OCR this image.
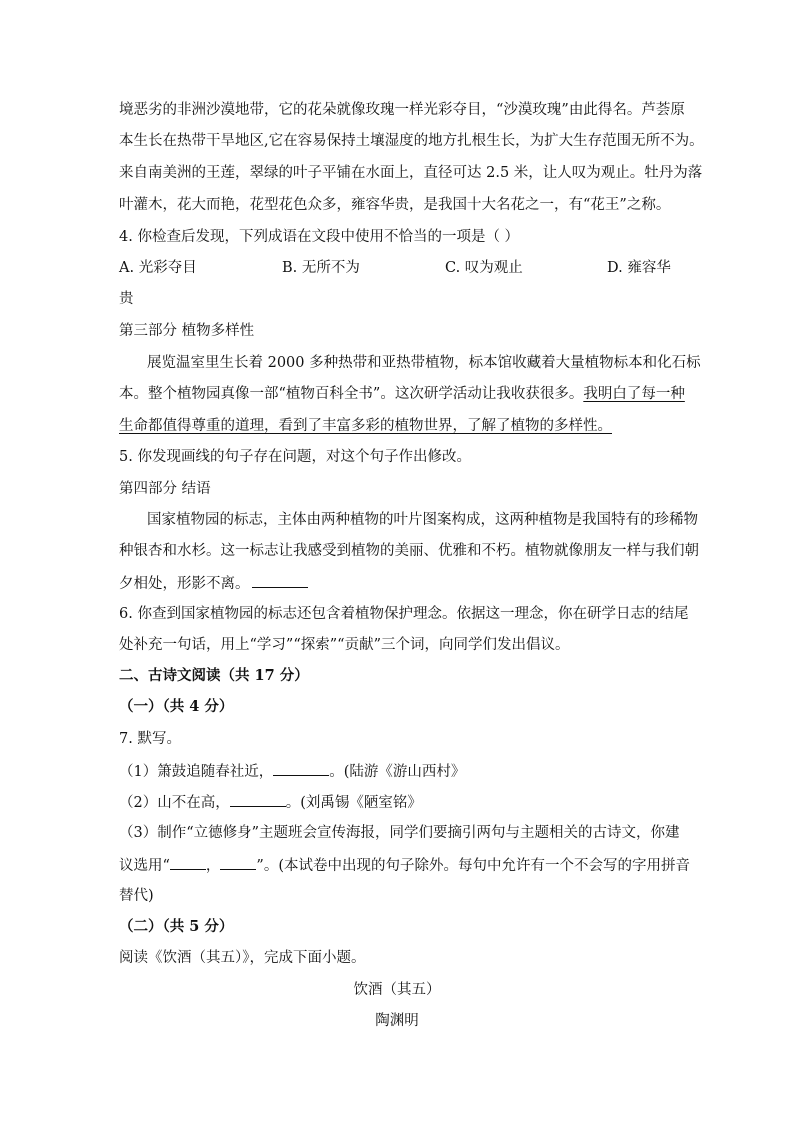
境恶劣的非洲沙漠地带，它的花朵就像玫瑰一样光彩夺目，“沙漠玫瑰”由此得名。芦荟原
本生长在热带干旱地区,它在容易保持土壤湿度的地方扎根生长，为扩大生存范围无所不为。
来自南美洲的王莲，翠绿的叶子平铺在水面上，直径可达 2.5 米，让人叹为观止。牡丹为落
叶灌木，花大而艳，花型花色众多，雍容华贵，是我国十大名花之一，有“花王”之称。
4. 你检查后发现，下列成语在文段中使用不恰当的一项是（ ）
A. 光彩夺目	B. 无所不为	C. 叹为观止	D. 雍容华
贵
第三部分 植物多样性
展览温室里生长着 2000 多种热带和亚热带植物，标本馆收藏着大量植物标本和化石标
本。整个植物园真像一部“植物百科全书”。这次研学活动让我收获很多。我明白了每一种
生命都值得尊重的道理，看到了丰富多彩的植物世界，了解了植物的多样性。
5. 你发现画线的句子存在问题，对这个句子作出修改。
第四部分 结语
国家植物园的标志，主体由两种植物的叶片图案构成，这两种植物是我国特有的珍稀物
种银杏和水杉。这一标志让我感受到植物的美丽、优雅和不朽。植物就像朋友一样与我们朝
夕相处，形影不离。
6. 你查到国家植物园的标志还包含着植物保护理念。依据这一理念，你在研学日志的结尾
处补充一句话，用上“学习”“探索”“贡献”三个词，向同学们发出倡议。
二、古诗文阅读（共 17 分）
（一）（共 4 分）
7. 默写。
（1）箫鼓追随春社近，	。(陆游《游山西村》
（2）山不在高，	。(刘禹锡《陋室铭》
（3）制作“立德修身”主题班会宣传海报，同学们要摘引两句与主题相关的古诗文，你建
议选用“ ， ”。(本试卷中出现的句子除外。每句中允许有一个不会写的字用拼音
替代)
（二）（共 5 分）
阅读《饮酒（其五）》，完成下面小题。
饮酒（其五）
陶渊明
